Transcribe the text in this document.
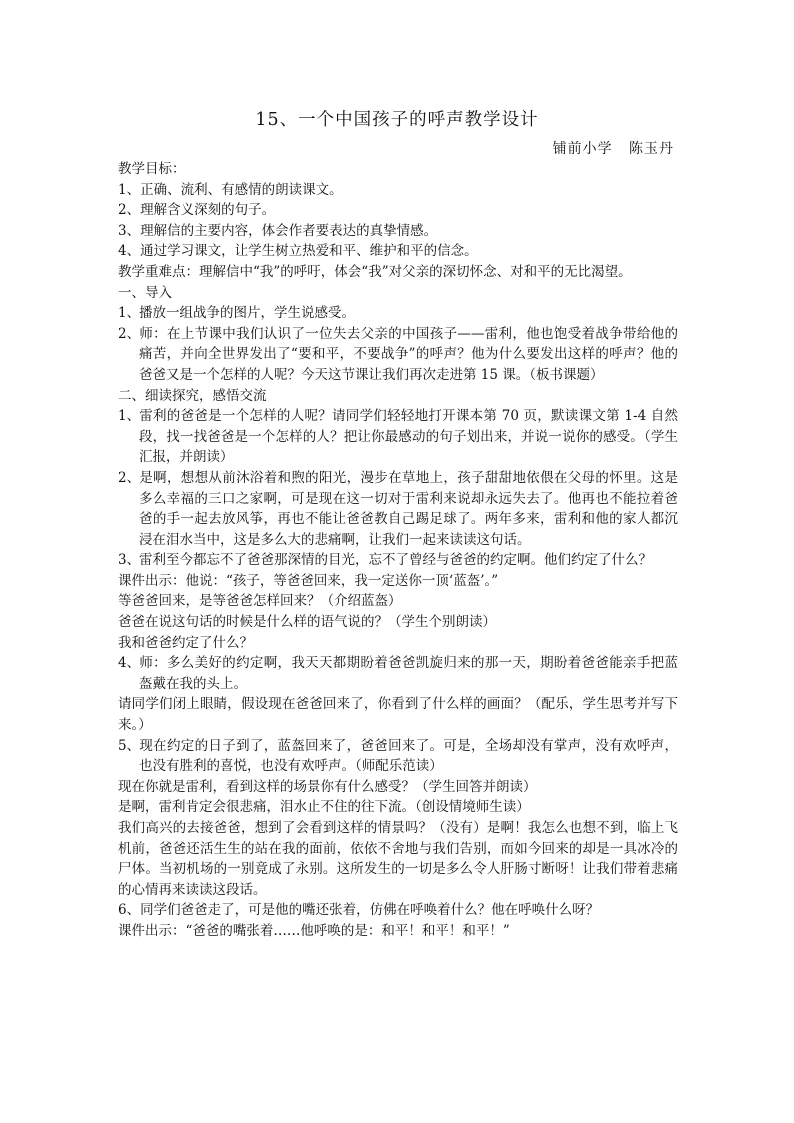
15、一个中国孩子的呼声教学设计
铺前小学   陈玉丹

教学目标：

1、正确、流利、有感情的朗读课文。

2、理解含义深刻的句子。

3、理解信的主要内容，体会作者要表达的真挚情感。

4、通过学习课文，让学生树立热爱和平、维护和平的信念。

教学重难点：理解信中“我”的呼吁，体会“我”对父亲的深切怀念、对和平的无比渴望。

一、导入

1、播放一组战争的图片，学生说感受。

2、师：在上节课中我们认识了一位失去父亲的中国孩子——雷利，他也饱受着战争带给他的痛苦，并向全世界发出了“要和平，不要战争”的呼声？他为什么要发出这样的呼声？他的爸爸又是一个怎样的人呢？今天这节课让我们再次走进第 15 课。（板书课题）

二、细读探究，感悟交流

1、雷利的爸爸是一个怎样的人呢？请同学们轻轻地打开课本第 70 页，默读课文第 1-4 自然段，找一找爸爸是一个怎样的人？把让你最感动的句子划出来，并说一说你的感受。（学生汇报，并朗读）

2、是啊，想想从前沐浴着和煦的阳光，漫步在草地上，孩子甜甜地依偎在父母的怀里。这是多么幸福的三口之家啊，可是现在这一切对于雷利来说却永远失去了。他再也不能拉着爸爸的手一起去放风筝，再也不能让爸爸教自己踢足球了。两年多来，雷利和他的家人都沉浸在泪水当中，这是多么大的悲痛啊，让我们一起来读读这句话。

3、雷利至今都忘不了爸爸那深情的目光，忘不了曾经与爸爸的约定啊。他们约定了什么？

课件出示：他说：“孩子，等爸爸回来，我一定送你一顶‘蓝盔’。”

等爸爸回来，是等爸爸怎样回来？（介绍蓝盔）

爸爸在说这句话的时候是什么样的语气说的？（学生个别朗读）

我和爸爸约定了什么？

4、师：多么美好的约定啊，我天天都期盼着爸爸凯旋归来的那一天，期盼着爸爸能亲手把蓝盔戴在我的头上。

请同学们闭上眼睛，假设现在爸爸回来了，你看到了什么样的画面？（配乐，学生思考并写下来。）

5、现在约定的日子到了，蓝盔回来了，爸爸回来了。可是，全场却没有掌声，没有欢呼声，也没有胜利的喜悦，也没有欢呼声。（师配乐范读）

现在你就是雷利，看到这样的场景你有什么感受？（学生回答并朗读）

是啊，雷利肯定会很悲痛，泪水止不住的往下流。（创设情境师生读）

我们高兴的去接爸爸，想到了会看到这样的情景吗？（没有）是啊！我怎么也想不到，临上飞机前，爸爸还活生生的站在我的面前，依依不舍地与我们告别，而如今回来的却是一具冰冷的尸体。当初机场的一别竟成了永别。这所发生的一切是多么令人肝肠寸断呀！让我们带着悲痛的心情再来读读这段话。

6、同学们爸爸走了，可是他的嘴还张着，仿佛在呼唤着什么？他在呼唤什么呀？

课件出示：“爸爸的嘴张着……他呼唤的是：和平！和平！和平！”
